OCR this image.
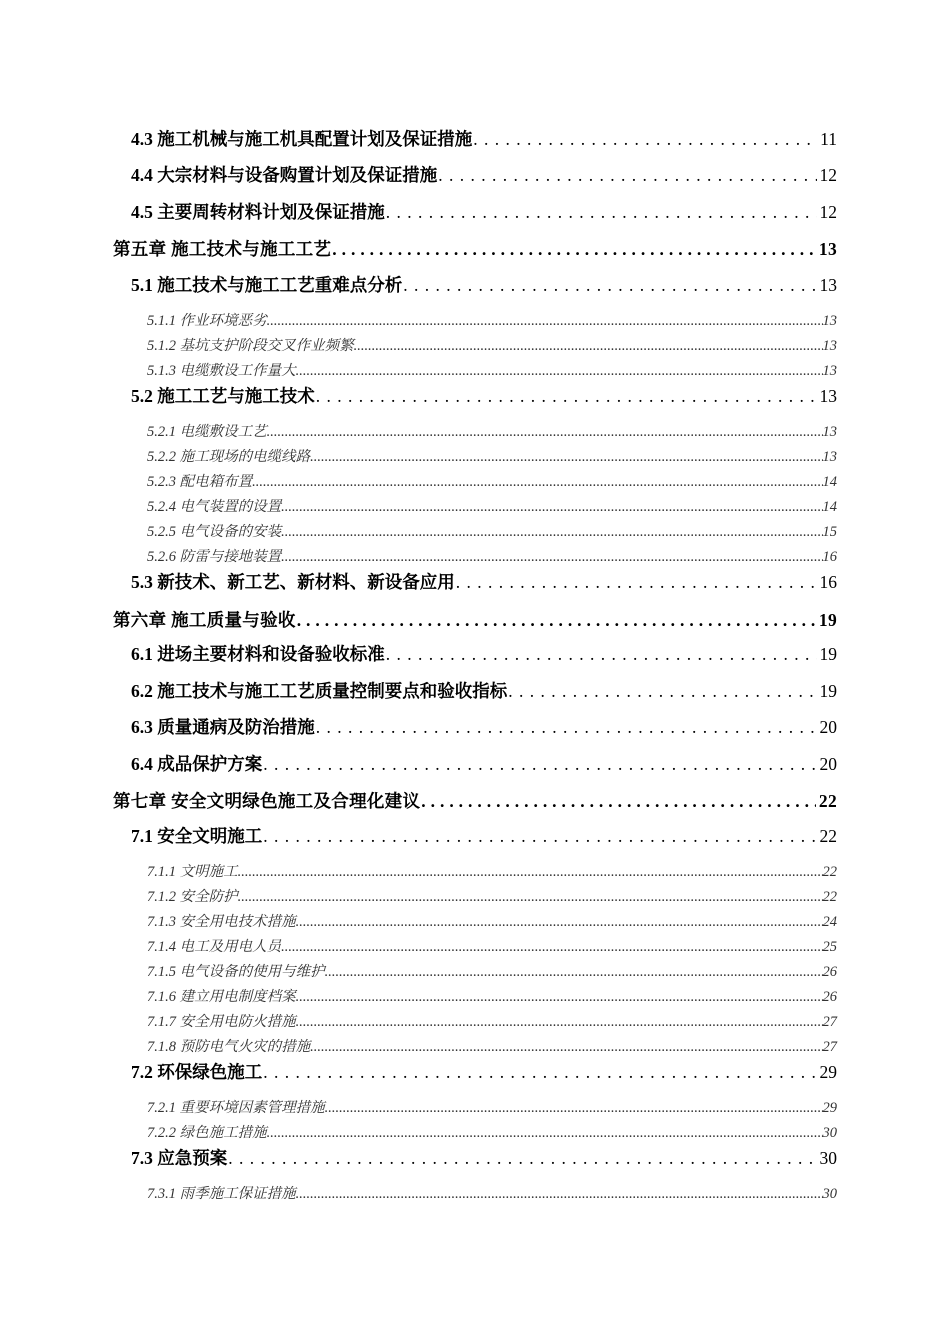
4.3 施工机械与施工机具配置计划及保证措施 . . .	11
4.4 大宗材料与设备购置计划及保证措施 . . .	12
4.5 主要周转材料计划及保证措施 . . .	12
第五章 施工技术与施工工艺 . . .	13
5.1 施工技术与施工工艺重难点分析 . . .	13
5.1.1 作业环境恶劣 .....	13
5.1.2 基坑支护阶段交叉作业频繁 .....	13
5.1.3 电缆敷设工作量大 .....	13
5.2 施工工艺与施工技术 . . .	13
5.2.1 电缆敷设工艺 .....	13
5.2.2 施工现场的电缆线路 .....	13
5.2.3 配电箱布置 .....	14
5.2.4 电气装置的设置 .....	14
5.2.5 电气设备的安装 .....	15
5.2.6 防雷与接地装置 .....	16
5.3 新技术、新工艺、新材料、新设备应用 . . .	16
第六章 施工质量与验收 . . .	19
6.1 进场主要材料和设备验收标准 . . .	19
6.2 施工技术与施工工艺质量控制要点和验收指标 . . .	19
6.3 质量通病及防治措施 . . .	20
6.4 成品保护方案 . . .	20
第七章 安全文明绿色施工及合理化建议 . . .	22
7.1 安全文明施工 . . .	22
7.1.1 文明施工 .....	22
7.1.2 安全防护 .....	22
7.1.3 安全用电技术措施 .....	24
7.1.4 电工及用电人员 .....	25
7.1.5 电气设备的使用与维护 .....	26
7.1.6 建立用电制度档案 .....	26
7.1.7 安全用电防火措施 .....	27
7.1.8 预防电气火灾的措施 .....	27
7.2 环保绿色施工 . . .	29
7.2.1 重要环境因素管理措施 .....	29
7.2.2 绿色施工措施 .....	30
7.3 应急预案 . . .	30
7.3.1 雨季施工保证措施 .....	30
